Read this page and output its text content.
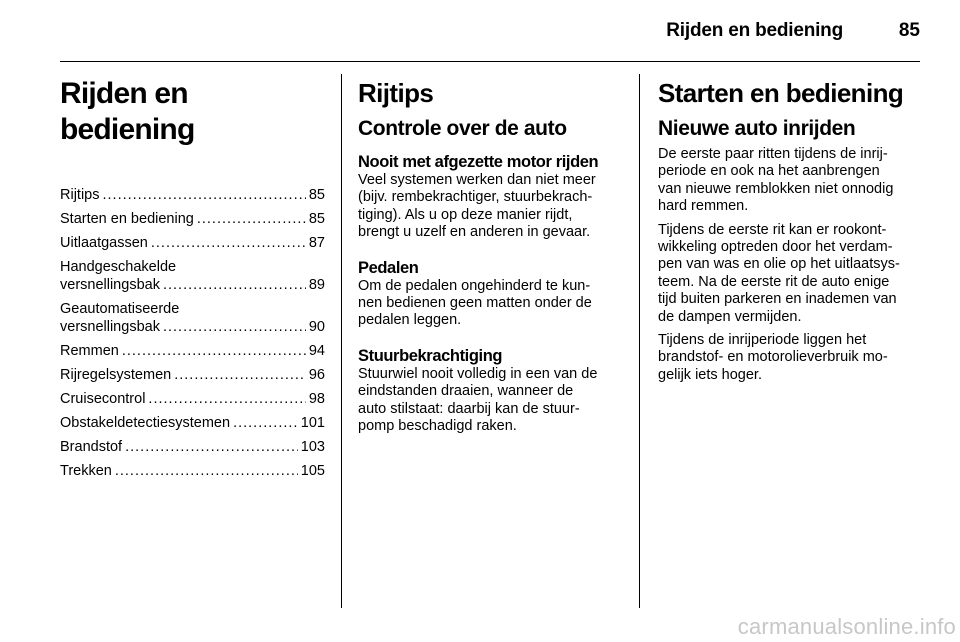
Rijden en bediening	85
Rijden en bediening
Rijtips .....	85
Starten en bediening .....	85
Uitlaatgassen .....	87
Handgeschakelde
versnellingsbak .....	89
Geautomatiseerde
versnellingsbak .....	90
Remmen .....	94
Rijregelsystemen .....	96
Cruisecontrol .....	98
Obstakeldetectiesystemen .....	101
Brandstof .....	103
Trekken .....	105
Rijtips
Controle over de auto
Nooit met afgezette motor rijden

Veel systemen werken dan niet meer
(bijv. rembekrachtiger, stuurbekrach-
tiging). Als u op deze manier rijdt,
brengt u uzelf en anderen in gevaar.

Pedalen

Om de pedalen ongehinderd te kun-
nen bedienen geen matten onder de
pedalen leggen.

Stuurbekrachtiging

Stuurwiel nooit volledig in een van de
eindstanden draaien, wanneer de
auto stilstaat: daarbij kan de stuur-
pomp beschadigd raken.

Starten en bediening
Nieuwe auto inrijden

De eerste paar ritten tijdens de inrij-
periode en ook na het aanbrengen
van nieuwe remblokken niet onnodig
hard remmen.

Tijdens de eerste rit kan er rookont-
wikkeling optreden door het verdam-
pen van was en olie op het uitlaatsys-
teem. Na de eerste rit de auto enige
tijd buiten parkeren en inademen van
de dampen vermijden.

Tijdens de inrijperiode liggen het
brandstof- en motorolieverbruik mo-
gelijk iets hoger.

carmanualsonline.info
